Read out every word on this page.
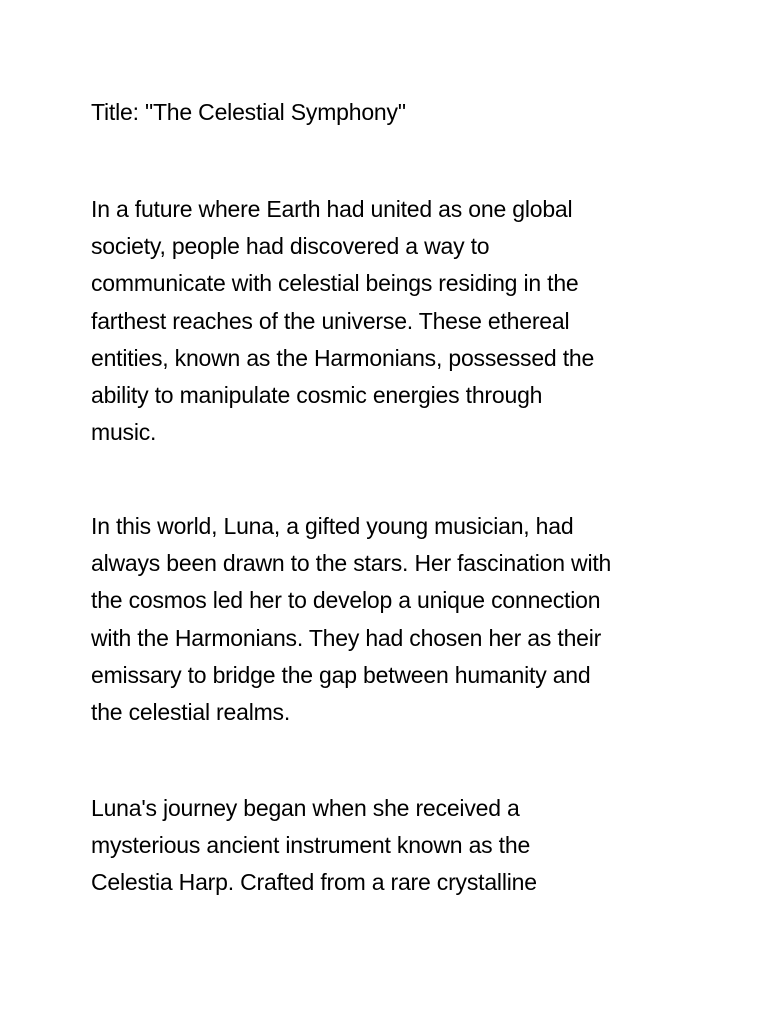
Title: "The Celestial Symphony"

In a future where Earth had united as one global
society, people had discovered a way to
communicate with celestial beings residing in the
farthest reaches of the universe. These ethereal
entities, known as the Harmonians, possessed the
ability to manipulate cosmic energies through
music.

In this world, Luna, a gifted young musician, had
always been drawn to the stars. Her fascination with
the cosmos led her to develop a unique connection
with the Harmonians. They had chosen her as their
emissary to bridge the gap between humanity and
the celestial realms.

Luna's journey began when she received a
mysterious ancient instrument known as the
Celestia Harp. Crafted from a rare crystalline
